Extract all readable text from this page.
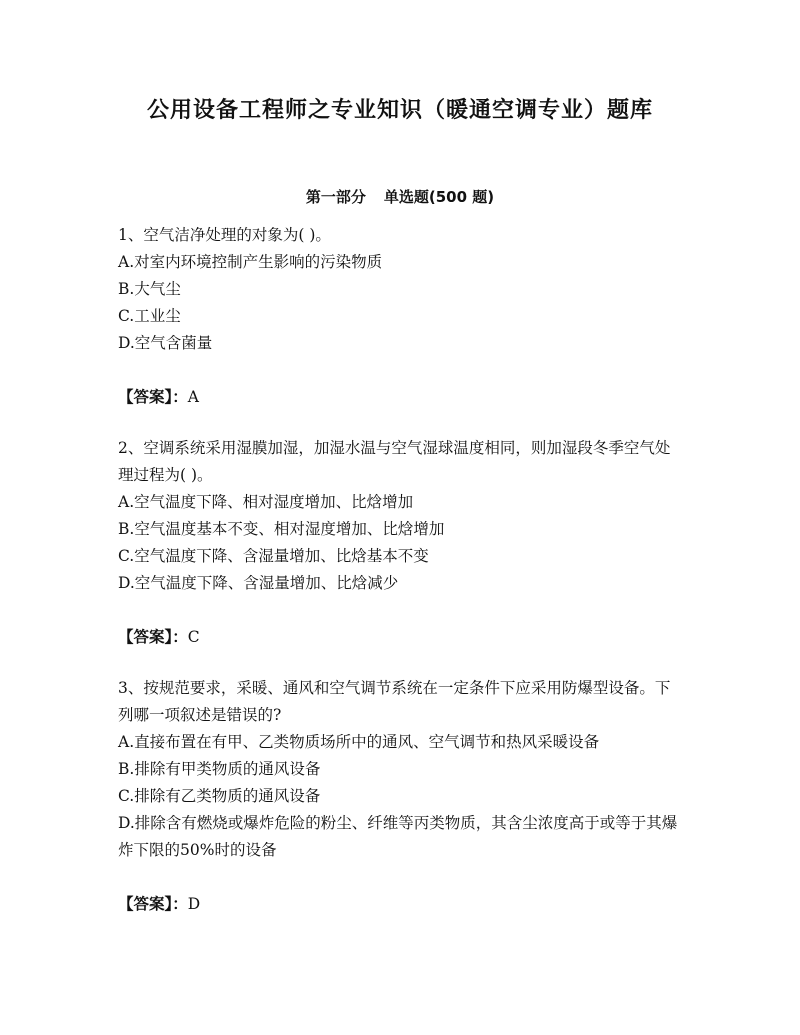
公用设备工程师之专业知识（暖通空调专业）题库
第一部分 单选题(500 题)

1、空气洁净处理的对象为( )。

A.对室内环境控制产生影响的污染物质

B.大气尘

C.工业尘

D.空气含菌量

【答案】：A

2、空调系统采用湿膜加湿，加湿水温与空气湿球温度相同，则加湿段冬季空气处理过程为( )。

A.空气温度下降、相对湿度增加、比焓增加

B.空气温度基本不变、相对湿度增加、比焓增加

C.空气温度下降、含湿量增加、比焓基本不变

D.空气温度下降、含湿量增加、比焓减少

【答案】：C

3、按规范要求，采暖、通风和空气调节系统在一定条件下应采用防爆型设备。下列哪一项叙述是错误的?

A.直接布置在有甲、乙类物质场所中的通风、空气调节和热风采暖设备

B.排除有甲类物质的通风设备

C.排除有乙类物质的通风设备

D.排除含有燃烧或爆炸危险的粉尘、纤维等丙类物质，其含尘浓度高于或等于其爆炸下限的50%时的设备

【答案】：D
